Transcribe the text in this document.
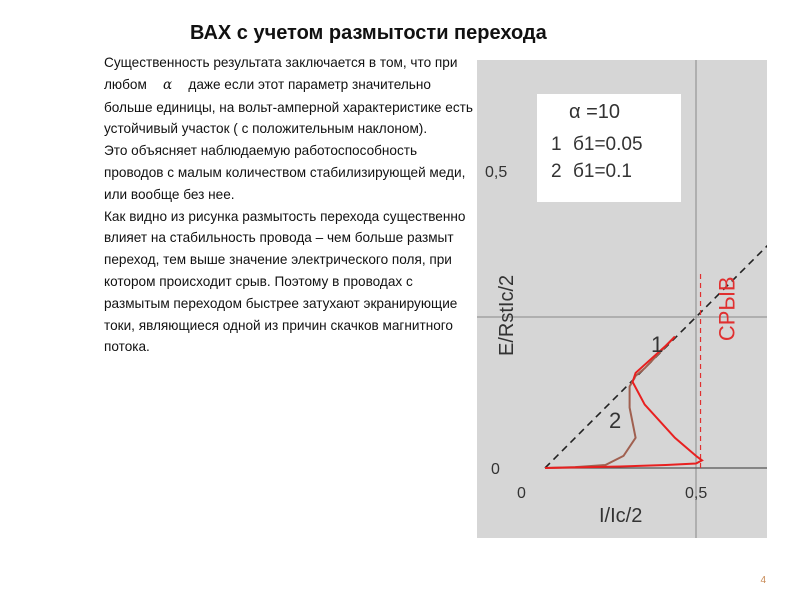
ВАХ с учетом размытости перехода

Существенность результата заключается в том, что при любом α даже если этот параметр значительно больше единицы, на вольт-амперной характеристике есть устойчивый участок ( с положительным наклоном).

Это объясняет наблюдаемую работоспособность проводов с малым количеством стабилизирующей меди, или вообще без нее.

Как видно из рисунка размытость перехода существенно влияет на стабильность провода – чем больше размыт переход, тем выше значение электрического поля, при котором происходит срыв. Поэтому в проводах с размытым переходом быстрее затухают экранирующие токи, являющиеся одной из причин скачков магнитного потока.

α =10
1 б1=0.05
2 б1=0.1
СРЫВ
1
2
0
0,5
0	0,5
I/Ic/2
E/RstIc/2
4
